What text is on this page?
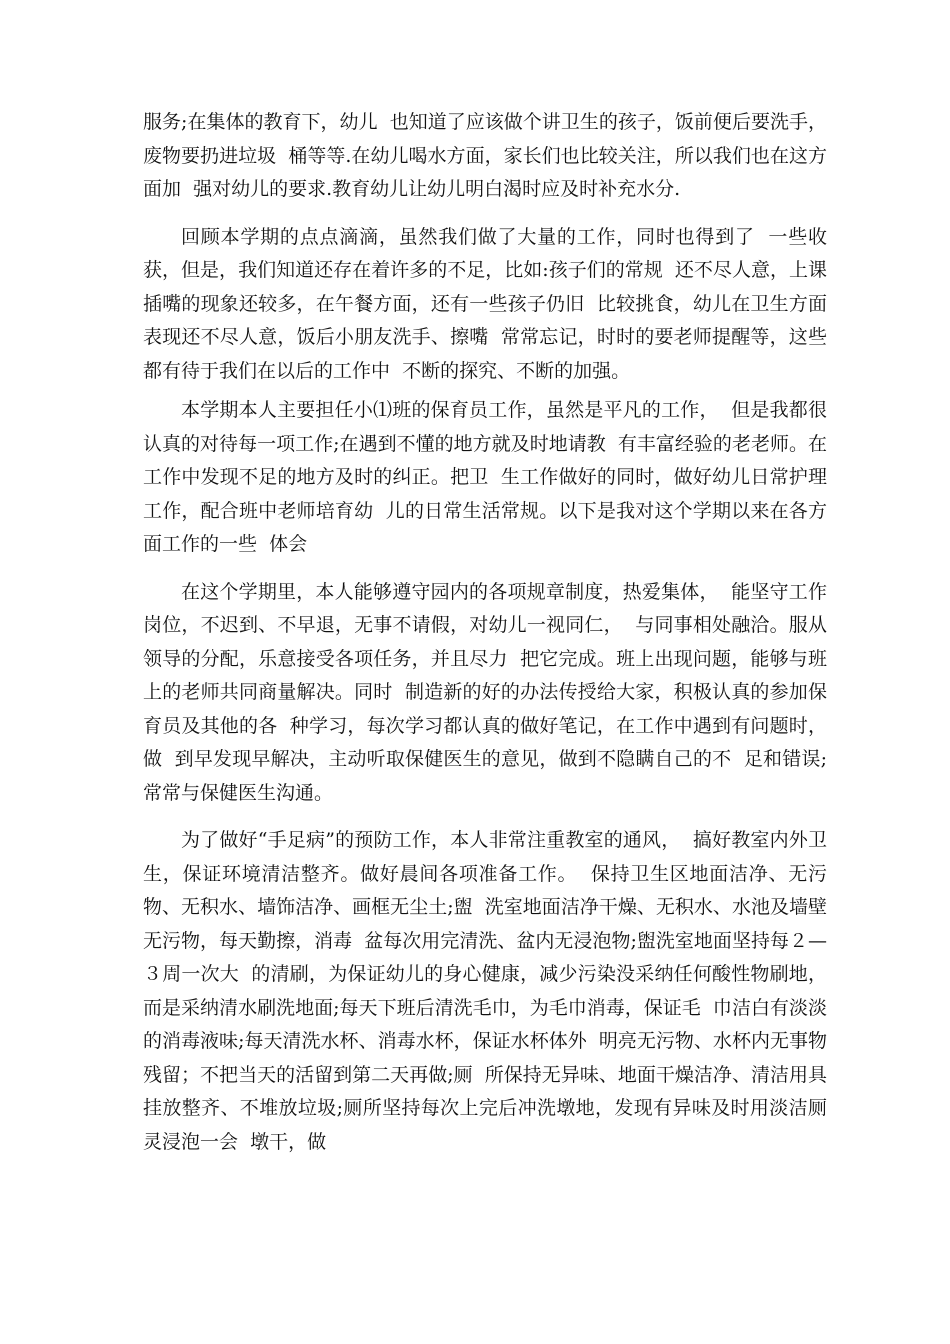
服务;在集体的教育下，幼儿  也知道了应该做个讲卫生的孩子，饭前便后要洗手，废物要扔进垃圾  桶等等.在幼儿喝水方面，家长们也比较关注，所以我们也在这方面加  强对幼儿的要求.教育幼儿让幼儿明白渴时应及时补充水分.

回顾本学期的点点滴滴，虽然我们做了大量的工作，同时也得到了  一些收获，但是，我们知道还存在着许多的不足，比如:孩子们的常规  还不尽人意，上课插嘴的现象还较多，在午餐方面，还有一些孩子仍旧  比较挑食，幼儿在卫生方面表现还不尽人意，饭后小朋友洗手、擦嘴  常常忘记，时时的要老师提醒等，这些都有待于我们在以后的工作中  不断的探究、不断的加强。

本学期本人主要担任小⑴班的保育员工作，虽然是平凡的工作，  但是我都很认真的对待每一项工作;在遇到不懂的地方就及时地请教  有丰富经验的老老师。在工作中发现不足的地方及时的纠正。把卫  生工作做好的同时，做好幼儿日常护理工作，配合班中老师培育幼  儿的日常生活常规。以下是我对这个学期以来在各方面工作的一些  体会

在这个学期里，本人能够遵守园内的各项规章制度，热爱集体，  能坚守工作岗位，不迟到、不早退，无事不请假，对幼儿一视同仁，  与同事相处融洽。服从领导的分配，乐意接受各项任务，并且尽力  把它完成。班上出现问题，能够与班上的老师共同商量解决。同时  制造新的好的办法传授给大家，积极认真的参加保育员及其他的各  种学习，每次学习都认真的做好笔记，在工作中遇到有问题时，做  到早发现早解决，主动听取保健医生的意见，做到不隐瞒自己的不  足和错误;常常与保健医生沟通。

为了做好“手足病”的预防工作，本人非常注重教室的通风，  搞好教室内外卫生，保证环境清洁整齐。做好晨间各项准备工作。  保持卫生区地面洁净、无污物、无积水、墙饰洁净、画框无尘土;盥  洗室地面洁净干燥、无积水、水池及墙壁无污物，每天勤擦，消毒  盆每次用完清洗、盆内无浸泡物;盥洗室地面坚持每２—３周一次大  的清刷，为保证幼儿的身心健康，减少污染没采纳任何酸性物刷地，  而是采纳清水刷洗地面;每天下班后清洗毛巾，为毛巾消毒，保证毛  巾洁白有淡淡的消毒液味;每天清洗水杯、消毒水杯，保证水杯体外  明亮无污物、水杯内无事物残留；不把当天的活留到第二天再做;厕  所保持无异味、地面干燥洁净、清洁用具挂放整齐、不堆放垃圾;厕所坚持每次上完后冲洗墩地，发现有异味及时用淡洁厕灵浸泡一会  墩干，做
